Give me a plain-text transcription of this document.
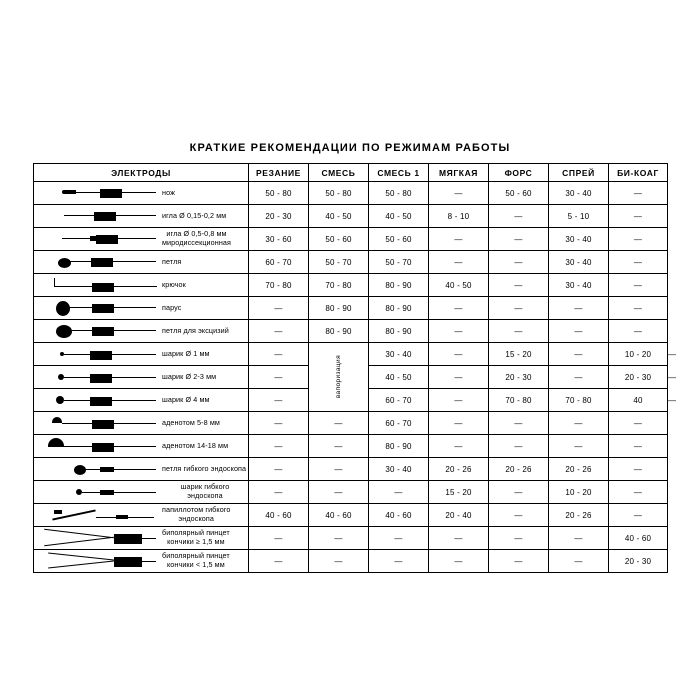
КРАТКИЕ РЕКОМЕНДАЦИИ ПО РЕЖИМАМ РАБОТЫ
ЭЛЕКТРОДЫ	РЕЗАНИЕ	СМЕСЬ	СМЕСЬ 1	МЯГКАЯ	ФОРС	СПРЕЙ	БИ-КОАГ	

нож	50 - 80	50 - 80	50 - 80	—	50 - 60	30 - 40	—	

игла Ø 0,15-0,2 мм	20 - 30	40 - 50	40 - 50	8 - 10	—	5 - 10	—	

игла Ø 0,5-0,8 мм
миродиссекционная	30 - 60	50 - 60	50 - 60	—	—	30 - 40	—	

петля	60 - 70	50 - 70	50 - 70	—	—	30 - 40	—	

крючок	70 - 80	70 - 80	80 - 90	40 - 50	—	30 - 40	—	

парус	—	80 - 90	80 - 90	—	—	—	—	

петля для эксцизий	—	80 - 90	80 - 90	—	—	—	—	

шарик Ø 1 мм	—	вапоризация	30 - 40	—	15 - 20	—	10 - 20	—

шарик Ø 2-3 мм	—		40 - 50	—	20 - 30	—	20 - 30	—

шарик Ø 4 мм	—		60 - 70	—	70 - 80	70 - 80	40	—

аденотом 5-8 мм	—	—	60 - 70	—	—	—	—	

аденотом 14-18 мм	—	—	80 - 90	—	—	—	—	

петля гибкого эндоскопа	—	—	30 - 40	20 - 26	20 - 26	20 - 26	—	

шарик гибкого эндоскопа	—	—	—	15 - 20	—	10 - 20	—	

папиллотом гибкого
эндоскопа	40 - 60	40 - 60	40 - 60	20 - 40	—	20 - 26	—	

биполярный пинцет
кончики ≥ 1,5 мм	—	—	—	—	—	—	40 - 60	

биполярный пинцет
кончики < 1,5 мм	—	—	—	—	—	—	20 - 30	
